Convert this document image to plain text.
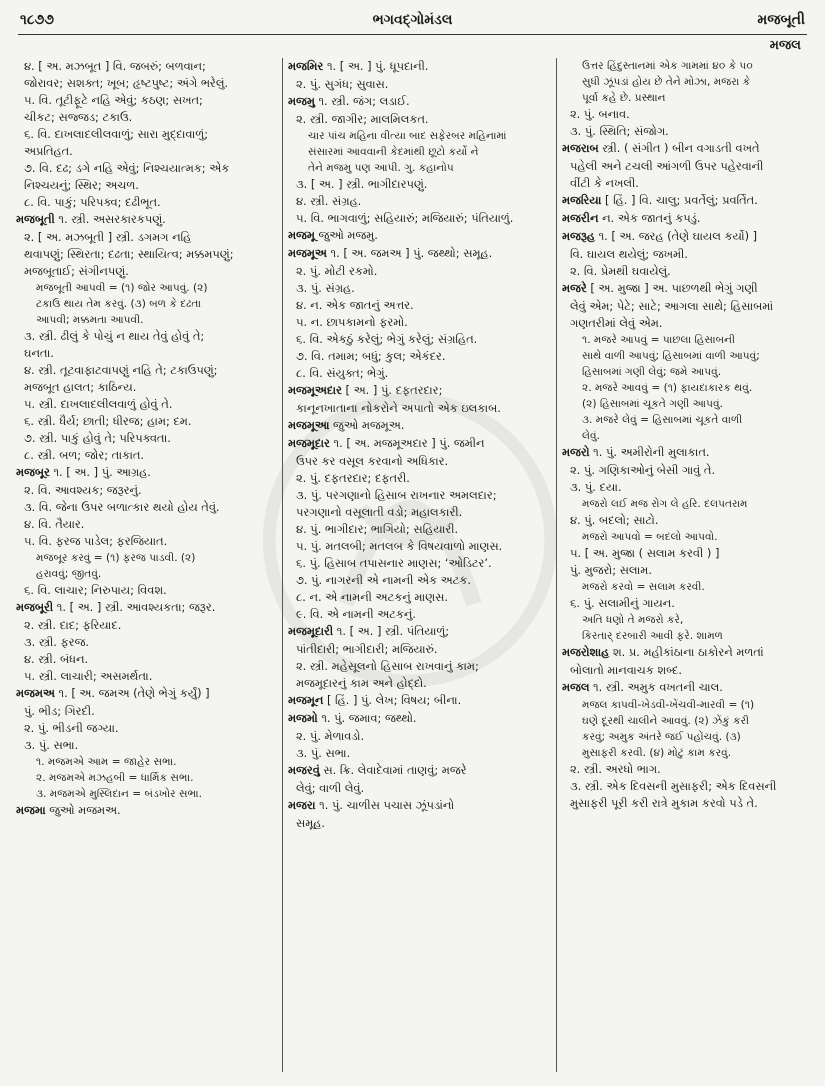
૧૮૭૭	ભગવદ્ગોમંડલ	મજબૂતી
મજલ
૪. [ અ. મઝબૂત ] વિ. જબરું; બળવાન;
જોરાવર; સશક્ત; ખૂબ; હૃષ્ટપુષ્ટ; અંગે ભરેલું.
૫. વિ. તૂટીફૂટે નહિ એવું; કઠણ; સખત;
ચીકટ; સજ્જડ; ટકાઉ.
૬. વિ. દાખલાદલીલવાળું; સારા મુદ્દાવાળું;
અપ્રતિહત.
૭. વિ. દઢ; ડગે નહિ એવું; નિશ્ચયાત્મક; એક
નિશ્ચયનું; સ્થિર; અચળ.
૮. વિ. પાકું; પરિપક્વ; દઢીભૂત.
મજબૂતી ૧. સ્ત્રી. અસરકારકપણું.
૨. [ અ. મઝબૂતી ] સ્ત્રી. ડગમગ નહિ
થવાપણું; સ્થિરતા; દઢતા; સ્થાયિત્વ; મક્કમપણું;
મજબૂતાઈ; સંગીનપણું.
મજબૂતી આપવી = (૧) જોર આપવું. (૨)
ટકાઉ થાય તેમ કરવું. (૩) બળ કે દઢતા
આપવી; મક્કમતા આપવી.
૩. સ્ત્રી. ઢીલું કે પોચું ન થાય તેવું હોવું તે;
ઘનતા.
૪. સ્ત્રી. તૂટવાફાટવાપણું નહિ તે; ટકાઉપણું;
મજબૂત હાલત; કાઠિન્ય.
૫. સ્ત્રી. દાખલાદલીલવાળું હોવું તે.
૬. સ્ત્રી. ધૈર્ય; છાતી; ધીરજ; હામ; દમ.
૭. સ્ત્રી. પાકું હોવું તે; પરિપક્વતા.
૮. સ્ત્રી. બળ; જોર; તાકાત.
મજબૂર ૧. [ અ. ] પું. આગ્રહ.
૨. વિ. આવશ્યક; જરૂરનું.
૩. વિ. જેના ઉપર બળાત્કાર થયો હોય તેવું.
૪. વિ. તૈયાર.
૫. વિ. ફરજ પાડેલ; ફરજિયાત.
મજબૂર કરવું = (૧) ફરજ પાડવી. (૨)
હરાવવું; જીતવું.
૬. વિ. લાચાર; નિરુપાય; વિવશ.
મજબૂરી ૧. [ અ. ] સ્ત્રી. આવશ્યકતા; જરૂર.
૨. સ્ત્રી. દાદ; ફરિયાદ.
૩. સ્ત્રી. ફરજ.
૪. સ્ત્રી. બંધન.
૫. સ્ત્રી. લાચારી; અસમર્થતા.
મજમઅ ૧. [ અ. જમઅ (તેણે ભેગું કર્યું) ]
પું. ભીડ; ગિરદી.
૨. પું. ભીડની જગ્યા.
૩. પું. સભા.
૧. મજમએ આમ = જાહેર સભા.
૨. મજમએ મઝહબી = ધાર્મિક સભા.
૩. મજમએ મુસ્લિદાન = બંડખોર સભા.
મજમા જુઓ મજમઅ.
મજમિર ૧. [ અ. ] પું. ધૂપદાની.
૨. પું. સુગંધ; સુવાસ.
મજમુ ૧. સ્ત્રી. જંગ; લડાઈ.
૨. સ્ત્રી. જાગીર; માલમિલકત.
ચાર પાંચ મહિના વીત્યા બાદ સફેરબર મહિનામાં
સંસારમાં આવવાની કેદમાંથી છૂટો કર્યો ને
તેને મજમુ પણ આપી. ગુ. કહાનોપ
૩. [ અ. ] સ્ત્રી. ભાગીદારપણું.
૪. સ્ત્રી. સંગ્રહ.
૫. વિ. ભાગવાળું; સહિયારું; મજિયારું; પંતિયાળું.
મજમૂ જુઓ મજમુ.
મજમૂઅ ૧. [ અ. જમઅ ] પું. જથ્થો; સમૂહ.
૨. પું. મોટી રકમો.
૩. પું. સંગ્રહ.
૪. ન. એક જાતનું અત્તર.
૫. ન. છાપકામનો ફરમો.
૬. વિ. એકઠું કરેલું; ભેગું કરેલું; સંગ્રહિત.
૭. વિ. તમામ; બધું; કુલ; એકંદર.
૮. વિ. સંયુક્ત; ભેગું.
મજમૂઅદાર [ અ. ] પું. દફતરદાર;
કાનૂનખાતાના નોકરોને અપાતો એક ઇલકાબ.
મજમૂઆ જુઓ મજમૂઅ.
મજમૂદાર ૧. [ અ. મજમૂઅદાર ] પું. જમીન
ઉપર કર વસૂલ કરવાનો અધિકાર.
૨. પું. દફતરદાર; દફતરી.
૩. પું. પરગણાનો હિસાબ રાખનાર અમલદાર;
પરગણાનો વસૂલાતી વડો; મહાલકારી.
૪. પું. ભાગીદાર; ભાગિયો; સહિયારી.
૫. પું. મતલબી; મતલબ કે વિષયવાળો માણસ.
૬. પું. હિસાબ તપાસનાર માણસ; ‘ઓડિટર’.
૭. પું. નાગરની એ નામની એક અટક.
૮. ન. એ નામની અટકનું માણસ.
૯. વિ. એ નામની અટકનું.
મજમૂદારી ૧. [ અ. ] સ્ત્રી. પંતિયાળું;
પાંતીદારી; ભાગીદારી; મજિયારું.
૨. સ્ત્રી. મહેસૂલનો હિસાબ રાખવાનું કામ;
મજમૂદારનું કામ અને હોદ્દો.
મજમૂન [ હિં. ] પું. લેખ; વિષય; બીના.
મજમો ૧. પું. જમાવ; જથ્થો.
૨. પું. મેળાવડો.
૩. પું. સભા.
મજરવું સ. ક્રિ. લેવાદેવામાં તાણવું; મજરે
લેવું; વાળી લેવું.
મજરા ૧. પું. ચાળીસ પચાસ ઝૂંપડાંનો
સમૂહ.
ઉત્તર હિંદુસ્તાનમાં એક ગામમાં ૪૦ કે ૫૦
સુધી ઝૂંપડાં હોય છે તેને મોઝા, મજરા કે
પૂર્વા કહે છે. પ્રસ્થાન
૨. પું. બનાવ.
૩. પું. સ્થિતિ; સંજોગ.
મજરાબ સ્ત્રી. ( સંગીત ) બીન વગાડતી વખતે
પહેલી અને ટચલી આંગળી ઉપર પહેરવાની
વીંટી કે નખલી.
મજરિયા [ હિં. ] વિ. ચાલુ; પ્રવર્તેલું; પ્રવર્તિત.
મજરીન ન. એક જાતનું કપડું.
મજરૂહ ૧. [ અ. જરહ (તેણે ઘાયલ કર્યો) ]
વિ. ઘાયલ થયેલું; જખમી.
૨. વિ. પ્રેમથી ઘવાયેલું.
મજરે [ અ. મુજ્રા ] અ. પાછળથી ભેગું ગણી
લેવું એમ; પેટે; સાટે; આગલા સાથે; હિસાબમાં
ગણતરીમાં લેવું એમ.
૧. મજરે આપવું = પાછલા હિસાબની
સાથે વાળી આપવું; હિસાબમાં વાળી આપવું;
હિસાબમાં ગણી લેવું; જમે આપવું.
૨. મજરે આવવું = (૧) ફાયદાકારક થવું.
(૨) હિસાબમાં ચૂકતે ગણી આપવું.
૩. મજરે લેવું = હિસાબમાં ચૂકતે વાળી
લેવું.
મજરો ૧. પું. અમીરોની મુલાકાત.
૨. પું. ગણિકાઓનું બેસી ગાવું તે.
૩. પું. દયા.
મજરો લઈ મજ રોગ લે હરિ. દલપતરામ
૪. પું. બદલો; સાટો.
મજરો આપવો = બદલો આપવો.
૫. [ અ. મુજ્રા ( સલામ કરવી ) ]
પું. મુજરો; સલામ.
મજરો કરવો = સલામ કરવી.
૬. પું. સલામીનું ગાયન.
અતિ ધણો તે મજરો કરે,
કિરતાર્ દરબારી આવી ફરે. શામળ
મજરોશાહ શ. પ્ર. મહીકાંઠાના ઠાકોરને મળતાં
બોલાતો માનવાચક શબ્દ.
મજલ ૧. સ્ત્રી. અમુક વખતની ચાલ.
મજલ કાપવી-ખેડવી-ખેંચવી-મારવી = (૧)
ઘણે દૂરથી ચાલીને આવવું. (૨) ઝેંકું કરી
કરવું; અમુક અંતરે જઈ પહોંચવું. (૩)
મુસાફરી કરવી. (૪) મોટું કામ કરવું.
૨. સ્ત્રી. અરધો ભાગ.
૩. સ્ત્રી. એક દિવસની મુસાફરી; એક દિવસની
મુસાફરી પૂરી કરી રાત્રે મુકામ કરવો પડે તે.
